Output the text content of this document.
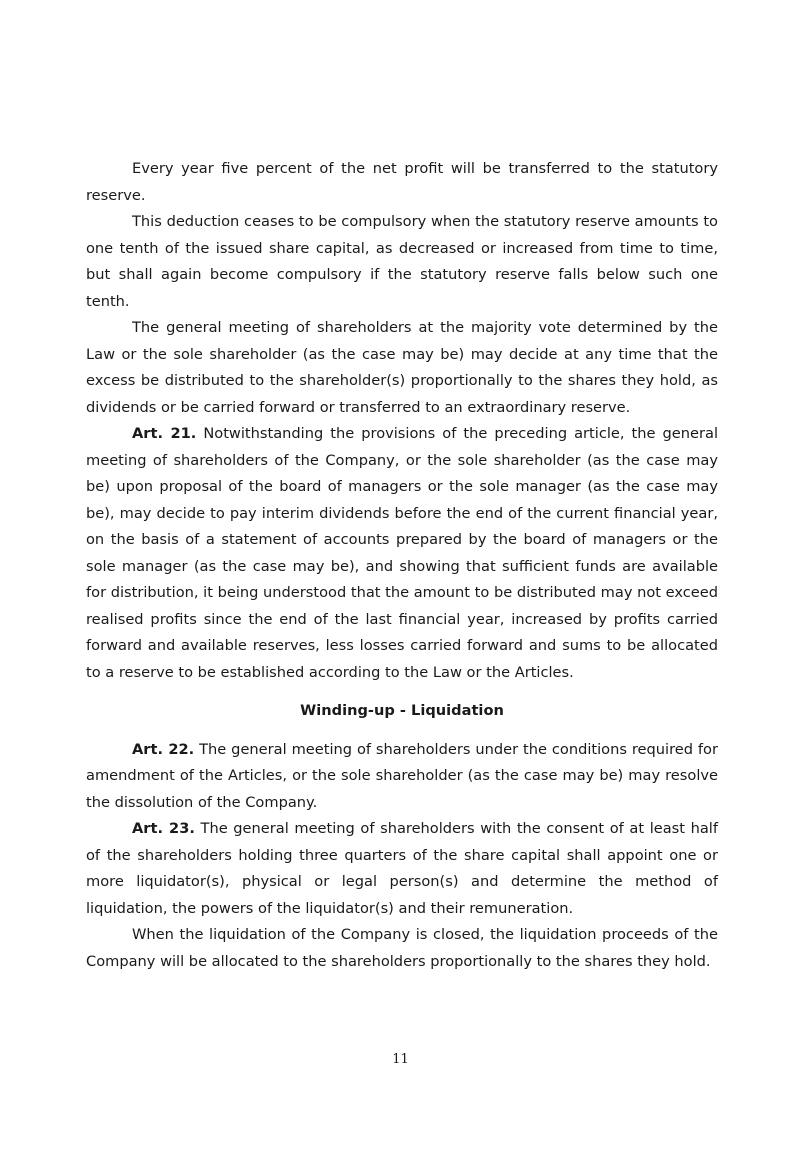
Every year five percent of the net profit will be transferred to the statutory reserve.

This deduction ceases to be compulsory when the statutory reserve amounts to one tenth of the issued share capital, as decreased or increased from time to time, but shall again become compulsory if the statutory reserve falls below such one tenth.

The general meeting of shareholders at the majority vote determined by the Law or the sole shareholder (as the case may be) may decide at any time that the excess be distributed to the shareholder(s) proportionally to the shares they hold, as dividends or be carried forward or transferred to an extraordinary reserve.

Art. 21. Notwithstanding the provisions of the preceding article, the general meeting of shareholders of the Company, or the sole shareholder (as the case may be) upon proposal of the board of managers or the sole manager (as the case may be), may decide to pay interim dividends before the end of the current financial year, on the basis of a statement of accounts prepared by the board of managers or the sole manager (as the case may be), and showing that sufficient funds are available for distribution, it being understood that the amount to be distributed may not exceed realised profits since the end of the last financial year, increased by profits carried forward and available reserves, less losses carried forward and sums to be allocated to a reserve to be established according to the Law or the Articles.

Winding-up - Liquidation

Art. 22. The general meeting of shareholders under the conditions required for amendment of the Articles, or the sole shareholder (as the case may be) may resolve the dissolution of the Company.

Art. 23. The general meeting of shareholders with the consent of at least half of the shareholders holding three quarters of the share capital shall appoint one or more liquidator(s), physical or legal person(s) and determine the method of liquidation, the powers of the liquidator(s) and their remuneration.

When the liquidation of the Company is closed, the liquidation proceeds of the Company will be allocated to the shareholders proportionally to the shares they hold.

11
